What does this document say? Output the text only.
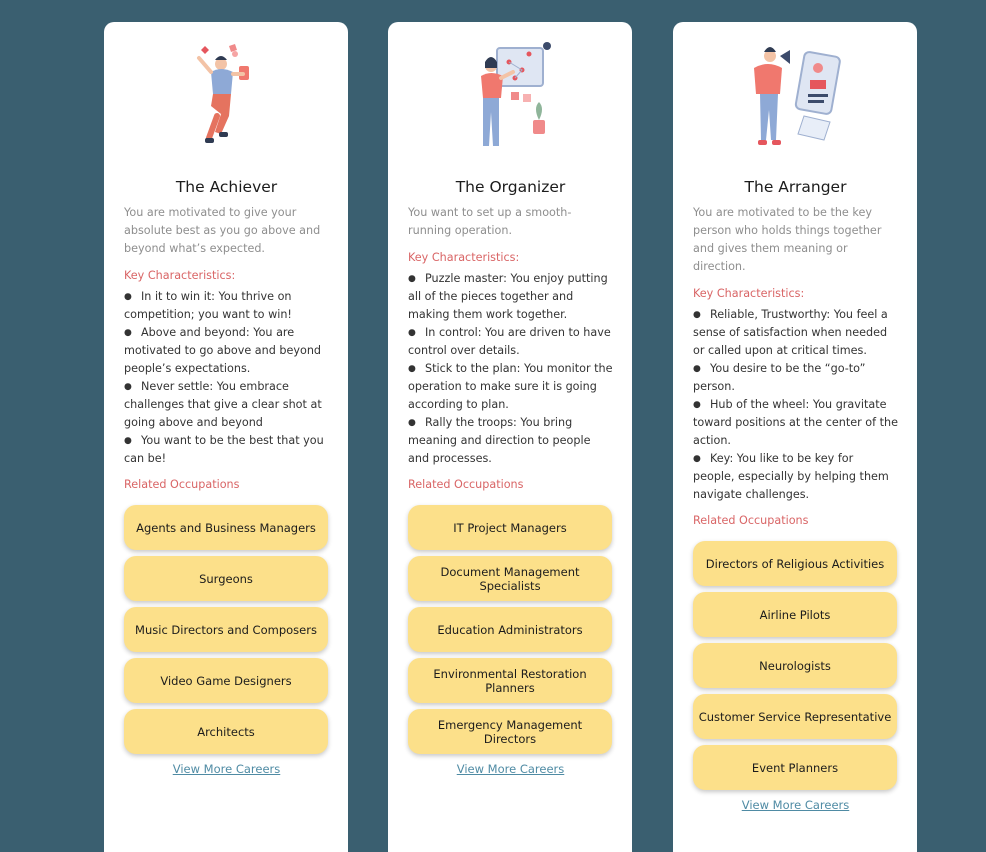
The Achiever

You are motivated to give your absolute best as you go above and beyond what’s expected.

Key Characteristics:
● In it to win it: You thrive on competition; you want to win!
● Above and beyond: You are motivated to go above and beyond people’s expectations.
● Never settle: You embrace challenges that give a clear shot at going above and beyond
● You want to be the best that you can be!
Related Occupations
Agents and Business Managers
Surgeons
Music Directors and Composers
Video Game Designers
Architects
View More Careers
The Organizer

You want to set up a smooth-running operation.

Key Characteristics:
● Puzzle master: You enjoy putting all of the pieces together and making them work together.
● In control: You are driven to have control over details.
● Stick to the plan: You monitor the operation to make sure it is going according to plan.
● Rally the troops: You bring meaning and direction to people and processes.
Related Occupations
IT Project Managers
Document Management Specialists
Education Administrators
Environmental Restoration Planners
Emergency Management Directors
View More Careers
The Arranger

You are motivated to be the key person who holds things together and gives them meaning or direction.

Key Characteristics:
● Reliable, Trustworthy: You feel a sense of satisfaction when needed or called upon at critical times.
● You desire to be the “go-to” person.
● Hub of the wheel: You gravitate toward positions at the center of the action.
● Key: You like to be key for people, especially by helping them navigate challenges.
Related Occupations
Directors of Religious Activities
Airline Pilots
Neurologists
Customer Service Representative
Event Planners
View More Careers
